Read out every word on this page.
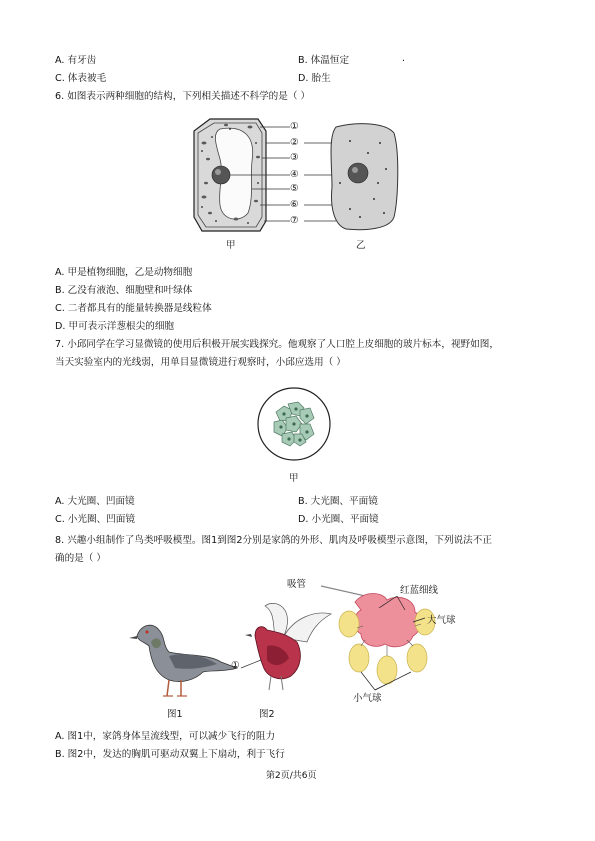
A. 有牙齿	B. 体温恒定	.
C. 体表被毛	D. 胎生
6. 如图表示两种细胞的结构，下列相关描述不科学的是（ ）
①
②
③
④
⑤
⑥
⑦
甲	乙
A. 甲是植物细胞，乙是动物细胞
B. 乙没有液泡、细胞壁和叶绿体
C. 二者都具有的能量转换器是线粒体
D. 甲可表示洋葱根尖的细胞
7. 小邱同学在学习显微镜的使用后积极开展实践探究。他观察了人口腔上皮细胞的玻片标本，视野如图，
当天实验室内的光线弱，用单目显微镜进行观察时，小邱应选用（ ）
甲
A. 大光圈、凹面镜	B. 大光圈、平面镜
C. 小光圈、凹面镜	D. 小光圈、平面镜
8. 兴趣小组制作了鸟类呼吸模型。图1到图2分别是家鸽的外形、肌肉及呼吸模型示意图，下列说法不正
确的是（ ）
吸管
红蓝细线
大气球
小气球
①
图1	图2
A. 图1中，家鸽身体呈流线型，可以减少飞行的阻力
B. 图2中，发达的胸肌可驱动双翼上下扇动，利于飞行
第2页/共6页
